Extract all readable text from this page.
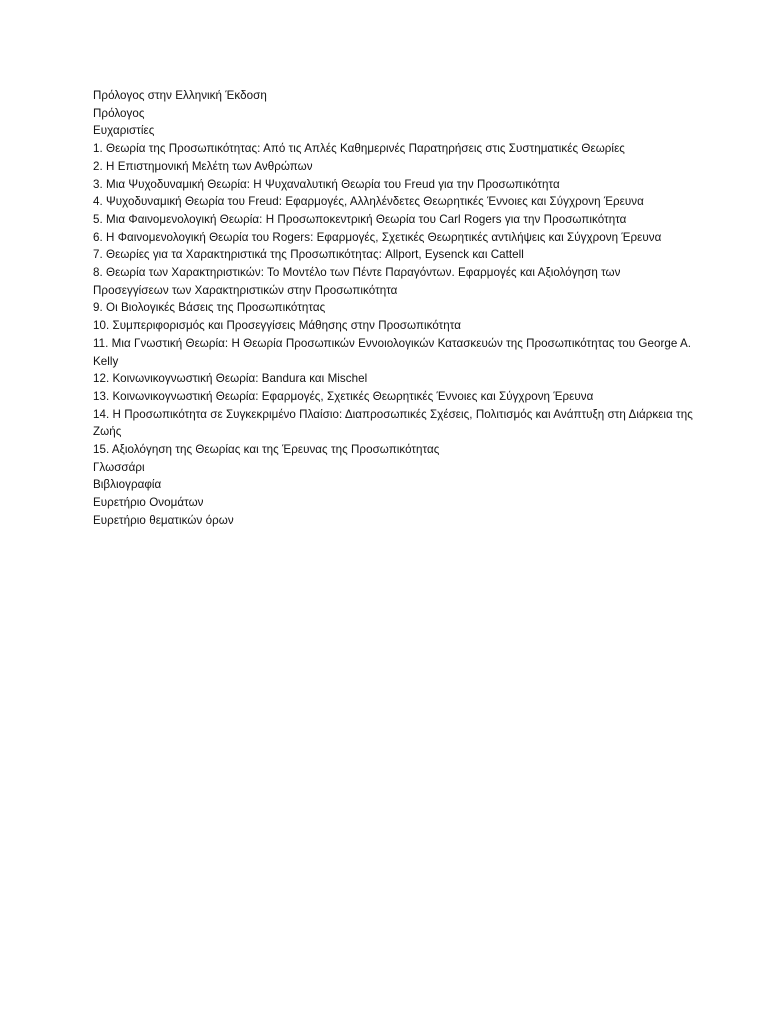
Πρόλογος στην Ελληνική Έκδοση
Πρόλογος
Ευχαριστίες
1. Θεωρία της Προσωπικότητας: Από τις Απλές Καθημερινές Παρατηρήσεις στις Συστηματικές Θεωρίες
2. Η Επιστημονική Μελέτη των Ανθρώπων
3. Μια Ψυχοδυναμική Θεωρία: Η Ψυχαναλυτική Θεωρία του Freud για την Προσωπικότητα
4. Ψυχοδυναμική Θεωρία του Freud: Εφαρμογές, Αλληλένδετες Θεωρητικές Έννοιες και Σύγχρονη Έρευνα
5. Μια Φαινομενολογική Θεωρία: Η Προσωποκεντρική Θεωρία του Carl Rogers για την Προσωπικότητα
6. Η Φαινομενολογική Θεωρία του Rogers: Εφαρμογές, Σχετικές Θεωρητικές αντιλήψεις και Σύγχρονη Έρευνα
7. Θεωρίες για τα Χαρακτηριστικά της Προσωπικότητας: Allport, Eysenck και Cattell
8. Θεωρία των Χαρακτηριστικών: Το Μοντέλο των Πέντε Παραγόντων. Εφαρμογές και Αξιολόγηση των Προσεγγίσεων των Χαρακτηριστικών στην Προσωπικότητα
9. Οι Βιολογικές Βάσεις της Προσωπικότητας
10. Συμπεριφορισμός και Προσεγγίσεις Μάθησης στην Προσωπικότητα
11. Μια Γνωστική Θεωρία: Η Θεωρία Προσωπικών Εννοιολογικών Κατασκευών της Προσωπικότητας του George A. Kelly
12. Κοινωνικογνωστική Θεωρία: Bandura και Mischel
13. Κοινωνικογνωστική Θεωρία: Εφαρμογές, Σχετικές Θεωρητικές Έννοιες και Σύγχρονη Έρευνα
14. Η Προσωπικότητα σε Συγκεκριμένο Πλαίσιο: Διαπροσωπικές Σχέσεις, Πολιτισμός και Ανάπτυξη στη Διάρκεια της Ζωής
15. Αξιολόγηση της Θεωρίας και της Έρευνας της Προσωπικότητας
Γλωσσάρι
Βιβλιογραφία
Ευρετήριο Ονομάτων
Ευρετήριο θεματικών όρων
